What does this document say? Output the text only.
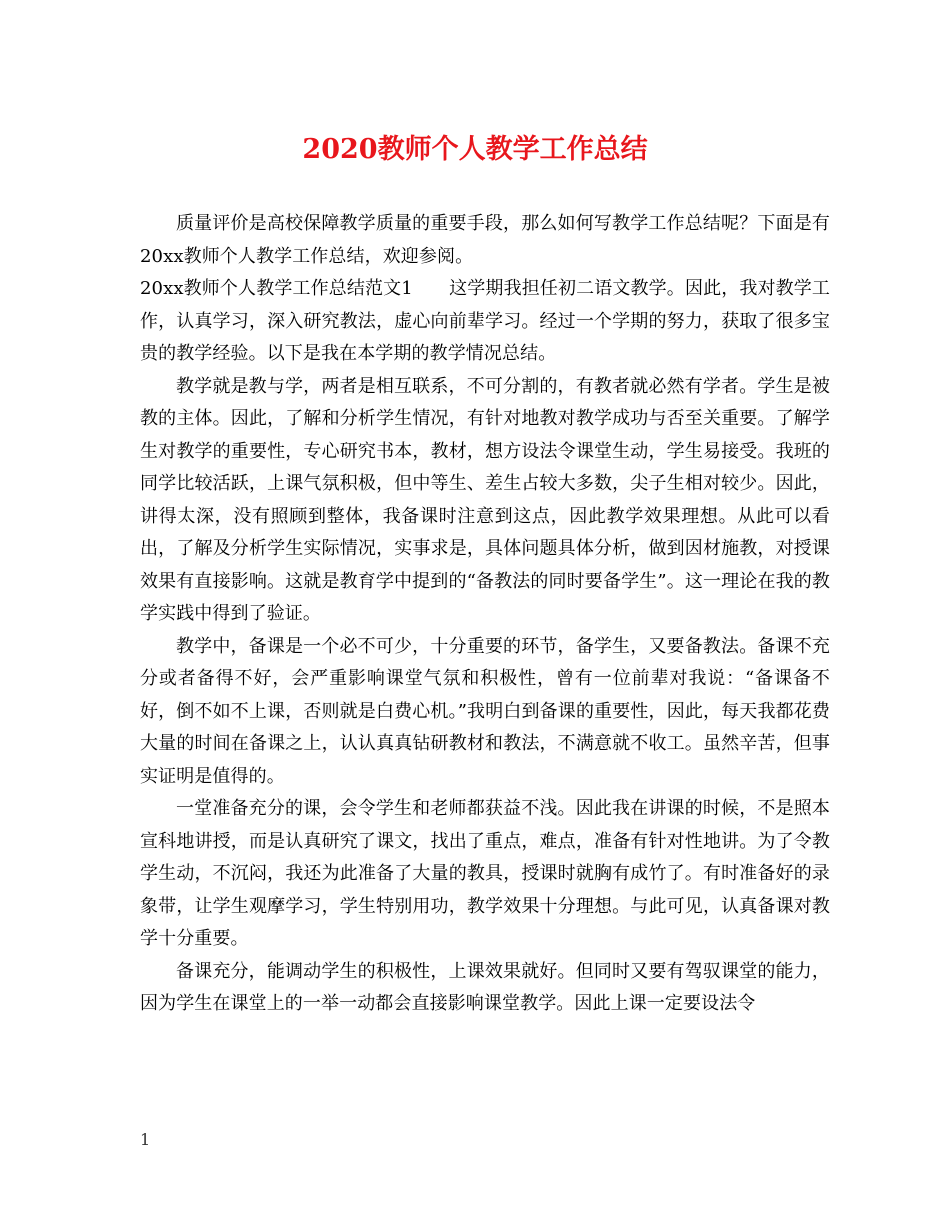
2020教师个人教学工作总结

质量评价是高校保障教学质量的重要手段，那么如何写教学工作总结呢？下面是有20xx教师个人教学工作总结，欢迎参阅。

20xx教师个人教学工作总结范文1　　这学期我担任初二语文教学。因此，我对教学工作，认真学习，深入研究教法，虚心向前辈学习。经过一个学期的努力，获取了很多宝贵的教学经验。以下是我在本学期的教学情况总结。

教学就是教与学，两者是相互联系，不可分割的，有教者就必然有学者。学生是被教的主体。因此，了解和分析学生情况，有针对地教对教学成功与否至关重要。了解学生对教学的重要性，专心研究书本，教材，想方设法令课堂生动，学生易接受。我班的同学比较活跃，上课气氛积极，但中等生、差生占较大多数，尖子生相对较少。因此，讲得太深，没有照顾到整体，我备课时注意到这点，因此教学效果理想。从此可以看出，了解及分析学生实际情况，实事求是，具体问题具体分析，做到因材施教，对授课效果有直接影响。这就是教育学中提到的“备教法的同时要备学生”。这一理论在我的教学实践中得到了验证。

教学中，备课是一个必不可少，十分重要的环节，备学生，又要备教法。备课不充分或者备得不好，会严重影响课堂气氛和积极性，曾有一位前辈对我说：“备课备不好，倒不如不上课，否则就是白费心机。”我明白到备课的重要性，因此，每天我都花费大量的时间在备课之上，认认真真钻研教材和教法，不满意就不收工。虽然辛苦，但事实证明是值得的。

一堂准备充分的课，会令学生和老师都获益不浅。因此我在讲课的时候，不是照本宣科地讲授，而是认真研究了课文，找出了重点，难点，准备有针对性地讲。为了令教学生动，不沉闷，我还为此准备了大量的教具，授课时就胸有成竹了。有时准备好的录象带，让学生观摩学习，学生特别用功，教学效果十分理想。与此可见，认真备课对教学十分重要。

备课充分，能调动学生的积极性，上课效果就好。但同时又要有驾驭课堂的能力，因为学生在课堂上的一举一动都会直接影响课堂教学。因此上课一定要设法令

1
